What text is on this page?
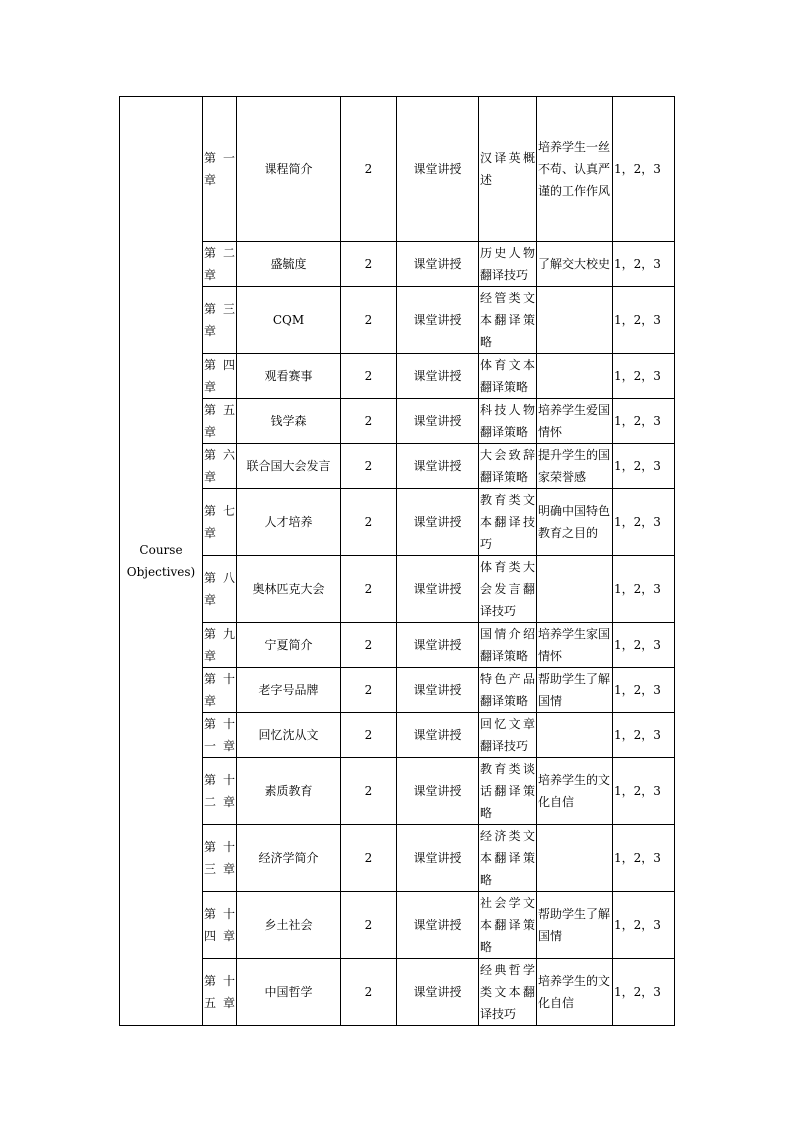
Course
Objectives)	第一章	课程简介	2	课堂讲授	汉译英概述	培养学生一丝不苟、认真严谨的工作作风	1，2，3
	第二章	盛毓度	2	课堂讲授	历史人物翻译技巧	了解交大校史	1，2，3
	第三章	CQM	2	课堂讲授	经管类文本翻译策略		1，2，3
	第四章	观看赛事	2	课堂讲授	体育文本翻译策略		1，2，3
	第五章	钱学森	2	课堂讲授	科技人物翻译策略	培养学生爱国情怀	1，2，3
	第六章	联合国大会发言	2	课堂讲授	大会致辞翻译策略	提升学生的国家荣誉感	1，2，3
	第七章	人才培养	2	课堂讲授	教育类文本翻译技巧	明确中国特色教育之目的	1，2，3
	第八章	奥林匹克大会	2	课堂讲授	体育类大会发言翻译技巧		1，2，3
	第九章	宁夏简介	2	课堂讲授	国情介绍翻译策略	培养学生家国情怀	1，2，3
	第十章	老字号品牌	2	课堂讲授	特色产品翻译策略	帮助学生了解国情	1，2，3
	第十一章	回忆沈从文	2	课堂讲授	回忆文章翻译技巧		1，2，3
	第十二章	素质教育	2	课堂讲授	教育类谈话翻译策略	培养学生的文化自信	1，2，3
	第十三章	经济学简介	2	课堂讲授	经济类文本翻译策略		1，2，3
	第十四章	乡土社会	2	课堂讲授	社会学文本翻译策略	帮助学生了解国情	1，2，3
	第十五章	中国哲学	2	课堂讲授	经典哲学类文本翻译技巧	培养学生的文化自信	1，2，3
